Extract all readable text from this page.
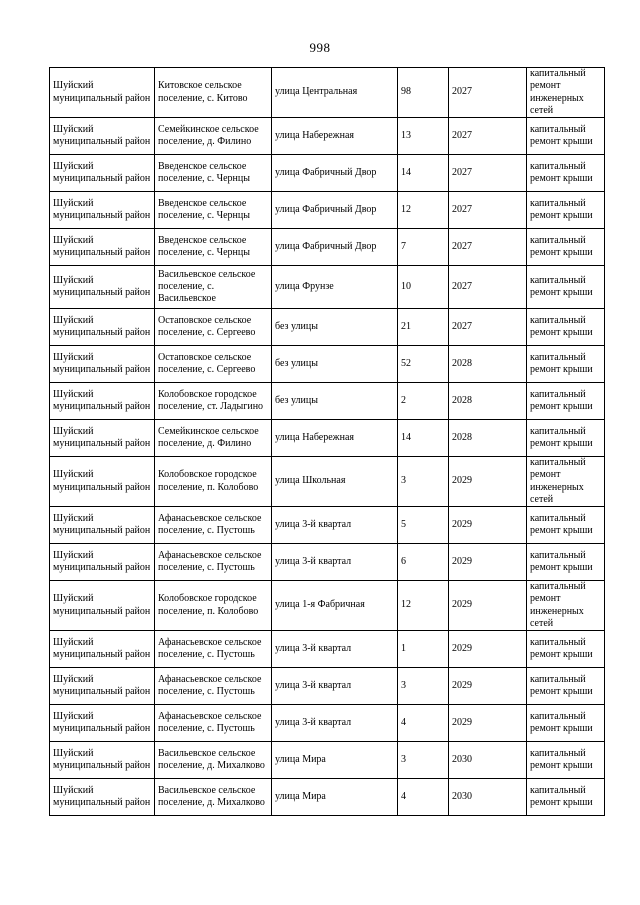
998
Шуйский муниципальный район	Китовское сельское поселение, с. Китово	улица Центральная	98	2027	капитальный ремонт инженерных сетей
Шуйский муниципальный район	Семейкинское сельское поселение, д. Филино	улица Набережная	13	2027	капитальный ремонт крыши
Шуйский муниципальный район	Введенское сельское поселение, с. Чернцы	улица Фабричный Двор	14	2027	капитальный ремонт крыши
Шуйский муниципальный район	Введенское сельское поселение, с. Чернцы	улица Фабричный Двор	12	2027	капитальный ремонт крыши
Шуйский муниципальный район	Введенское сельское поселение, с. Чернцы	улица Фабричный Двор	7	2027	капитальный ремонт крыши
Шуйский муниципальный район	Васильевское сельское поселение, с. Васильевское	улица Фрунзе	10	2027	капитальный ремонт крыши
Шуйский муниципальный район	Остаповское сельское поселение, с. Сергеево	без улицы	21	2027	капитальный ремонт крыши
Шуйский муниципальный район	Остаповское сельское поселение, с. Сергеево	без улицы	52	2028	капитальный ремонт крыши
Шуйский муниципальный район	Колобовское городское поселение, ст. Ладыгино	без улицы	2	2028	капитальный ремонт крыши
Шуйский муниципальный район	Семейкинское сельское поселение, д. Филино	улица Набережная	14	2028	капитальный ремонт крыши
Шуйский муниципальный район	Колобовское городское поселение, п. Колобово	улица Школьная	3	2029	капитальный ремонт инженерных сетей
Шуйский муниципальный район	Афанасьевское сельское поселение, с. Пустошь	улица 3-й квартал	5	2029	капитальный ремонт крыши
Шуйский муниципальный район	Афанасьевское сельское поселение, с. Пустошь	улица 3-й квартал	6	2029	капитальный ремонт крыши
Шуйский муниципальный район	Колобовское городское поселение, п. Колобово	улица 1-я Фабричная	12	2029	капитальный ремонт инженерных сетей
Шуйский муниципальный район	Афанасьевское сельское поселение, с. Пустошь	улица 3-й квартал	1	2029	капитальный ремонт крыши
Шуйский муниципальный район	Афанасьевское сельское поселение, с. Пустошь	улица 3-й квартал	3	2029	капитальный ремонт крыши
Шуйский муниципальный район	Афанасьевское сельское поселение, с. Пустошь	улица 3-й квартал	4	2029	капитальный ремонт крыши
Шуйский муниципальный район	Васильевское сельское поселение, д. Михалково	улица Мира	3	2030	капитальный ремонт крыши
Шуйский муниципальный район	Васильевское сельское поселение, д. Михалково	улица Мира	4	2030	капитальный ремонт крыши
